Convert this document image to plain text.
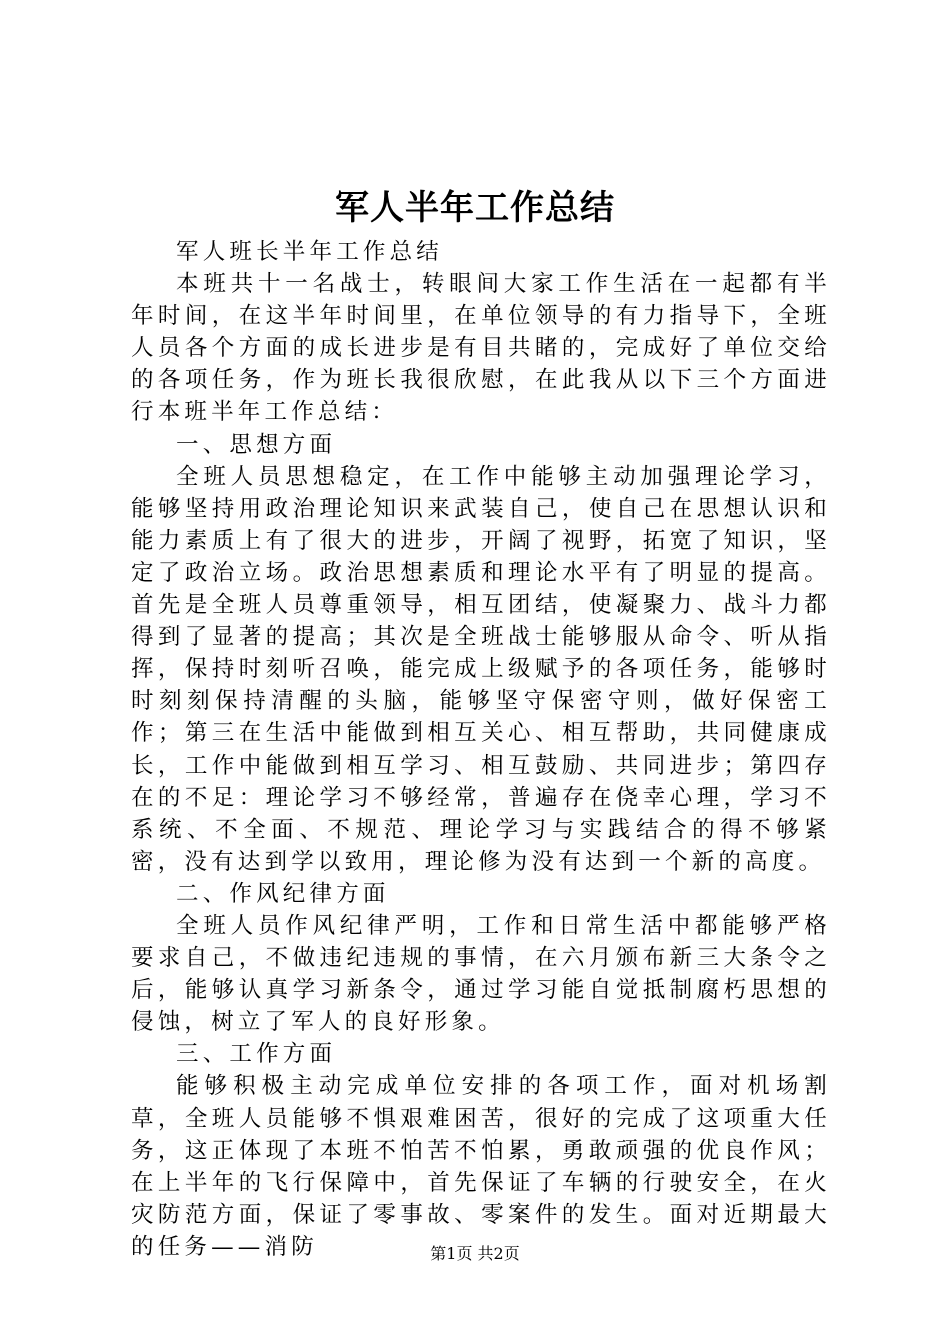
军人半年工作总结

军人班长半年工作总结

本班共十一名战士，转眼间大家工作生活在一起都有半年时间，在这半年时间里，在单位领导的有力指导下，全班人员各个方面的成长进步是有目共睹的，完成好了单位交给的各项任务，作为班长我很欣慰，在此我从以下三个方面进行本班半年工作总结：

一、思想方面

全班人员思想稳定，在工作中能够主动加强理论学习，能够坚持用政治理论知识来武装自己，使自己在思想认识和能力素质上有了很大的进步，开阔了视野，拓宽了知识，坚定了政治立场。政治思想素质和理论水平有了明显的提高。首先是全班人员尊重领导，相互团结，使凝聚力、战斗力都得到了显著的提高；其次是全班战士能够服从命令、听从指挥，保持时刻听召唤，能完成上级赋予的各项任务，能够时时刻刻保持清醒的头脑，能够坚守保密守则，做好保密工作；第三在生活中能做到相互关心、相互帮助，共同健康成长，工作中能做到相互学习、相互鼓励、共同进步；第四存在的不足：理论学习不够经常，普遍存在侥幸心理，学习不系统、不全面、不规范、理论学习与实践结合的得不够紧密，没有达到学以致用，理论修为没有达到一个新的高度。

二、作风纪律方面

全班人员作风纪律严明，工作和日常生活中都能够严格要求自己，不做违纪违规的事情，在六月颁布新三大条令之后，能够认真学习新条令，通过学习能自觉抵制腐朽思想的侵蚀，树立了军人的良好形象。

三、工作方面

能够积极主动完成单位安排的各项工作，面对机场割草，全班人员能够不惧艰难困苦，很好的完成了这项重大任务，这正体现了本班不怕苦不怕累，勇敢顽强的优良作风；在上半年的飞行保障中，首先保证了车辆的行驶安全，在火灾防范方面，保证了零事故、零案件的发生。面对近期最大的任务——消防	第1页 共2页
